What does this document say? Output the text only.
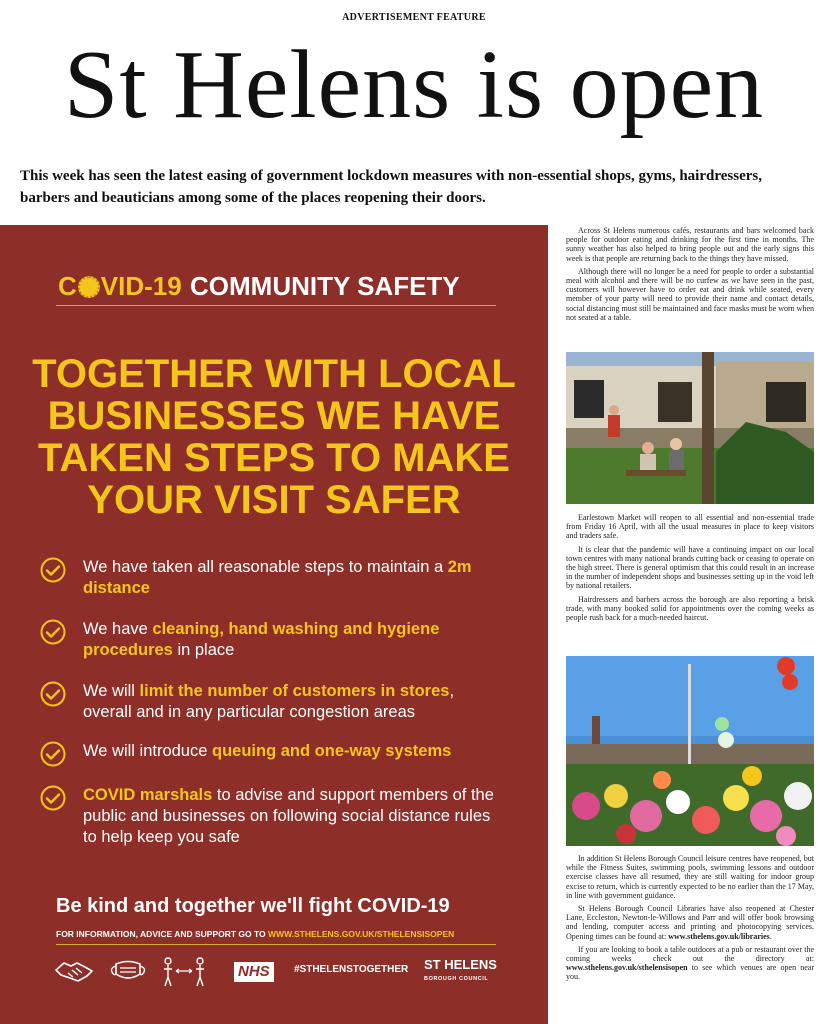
ADVERTISEMENT FEATURE
St Helens is open
This week has seen the latest easing of government lockdown measures with non-essential shops, gyms, hairdressers, barbers and beauticians among some of the places reopening their doors.
C VID-19 COMMUNITY SAFETY
TOGETHER WITH LOCAL
BUSINESSES WE HAVE
TAKEN STEPS TO MAKE
YOUR VISIT SAFER
We have taken all reasonable steps to maintain a 2m distance
We have cleaning, hand washing and hygiene procedures in place
We will limit the number of customers in stores, overall and in any particular congestion areas
We will introduce queuing and one-way systems
COVID marshals to advise and support members of the public and businesses on following social distance rules to help keep you safe
Be kind and together we'll fight COVID-19
FOR INFORMATION, ADVICE AND SUPPORT GO TO WWW.STHELENS.GOV.UK/STHELENSISOPEN
NHS	#STHELENSTOGETHER ST HELENS
BOROUGH COUNCIL

Across St Helens numerous cafés, restaurants and bars welcomed back people for outdoor eating and drinking for the first time in months. The sunny weather has also helped to bring people out and the early signs this week is that people are returning back to the things they have missed.

Although there will no longer be a need for people to order a substantial meal with alcohol and there will be no curfew as we have seen in the past, customers will however have to order eat and drink while seated, every member of your party will need to provide their name and contact details, social distancing must still be maintained and face masks must be worn when not seated at a table.

Earlestown Market will reopen to all essential and non-essential trade from Friday 16 April, with all the usual measures in place to keep visitors and traders safe.

It is clear that the pandemic will have a continuing impact on our local town centres with many national brands cutting back or ceasing to operate on the high street. There is general optimism that this could result in an increase in the number of independent shops and businesses setting up in the void left by national retailers.

Hairdressers and barbers across the borough are also reporting a brisk trade, with many booked solid for appointments over the coming weeks as people rush back for a much-needed haircut.

In addition St Helens Borough Council leisure centres have reopened, but while the Fitness Suites, swimming pools, swimming lessons and outdoor exercise classes have all resumed, they are still waiting for indoor group excise to return, which is currently expected to be no earlier than the 17 May, in line with government guidance.

St Helens Borough Council Libraries have also reopened at Chester Lane, Eccleston, Newton-le-Willows and Parr and will offer book browsing and lending, computer access and printing and photocopying services. Opening times can be found at: www.sthelens.gov.uk/libraries.

If you are looking to book a table outdoors at a pub or restaurant over the coming weeks check out the directory at: www.sthelens.gov.uk/sthelensisopen to see which venues are open near you.
